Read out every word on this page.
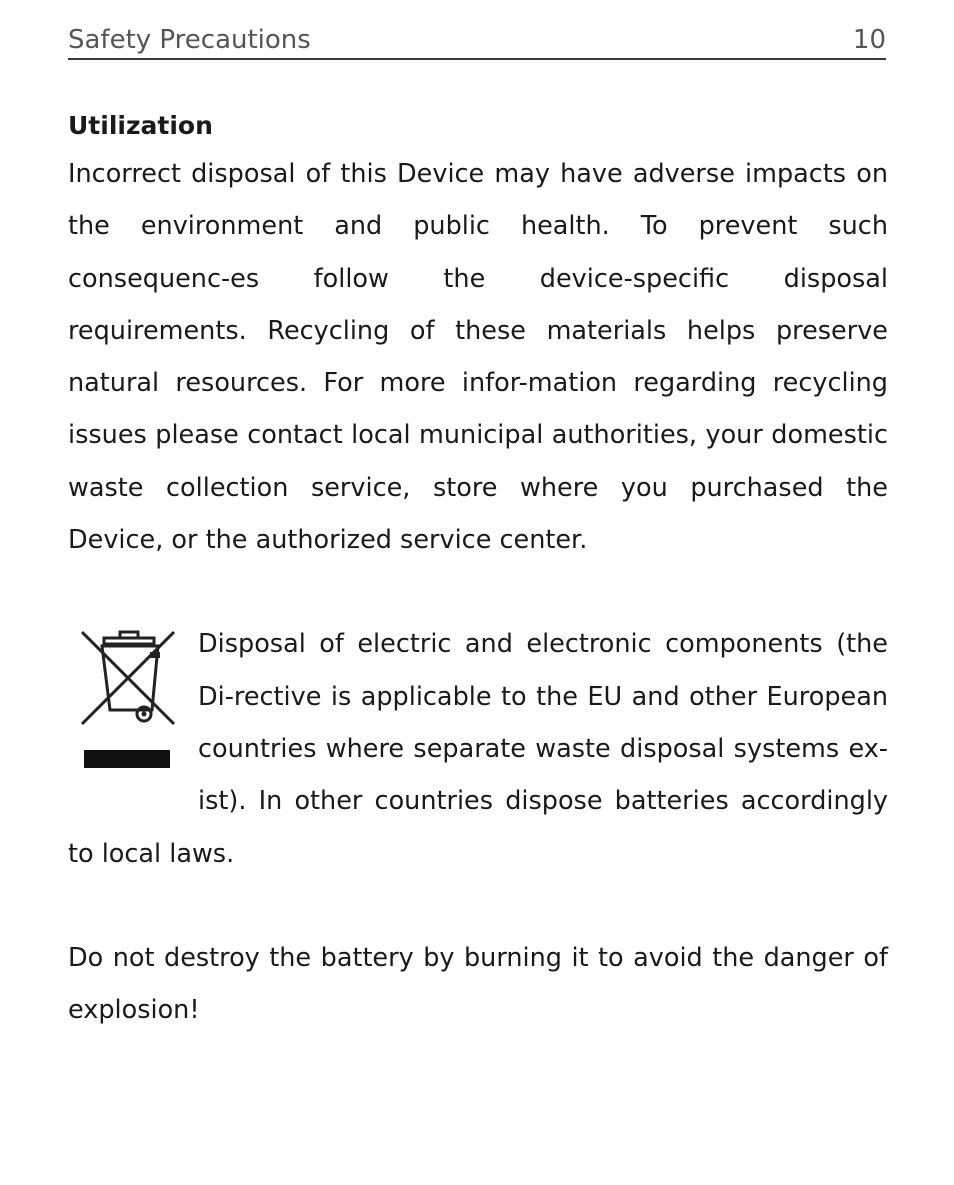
Safety Precautions	10

Utilization

Incorrect disposal of this Device may have adverse impacts on the environment and public health. To prevent such consequenc-es follow the device-specific disposal requirements. Recycling of these materials helps preserve natural resources. For more infor-mation regarding recycling issues please contact local municipal authorities, your domestic waste collection service, store where you purchased the Device, or the authorized service center.

Disposal of electric and electronic components (the Di-rective is applicable to the EU and other European countries where separate waste disposal systems ex-ist). In other countries dispose batteries accordingly to local laws.

Do not destroy the battery by burning it to avoid the danger of explosion!
